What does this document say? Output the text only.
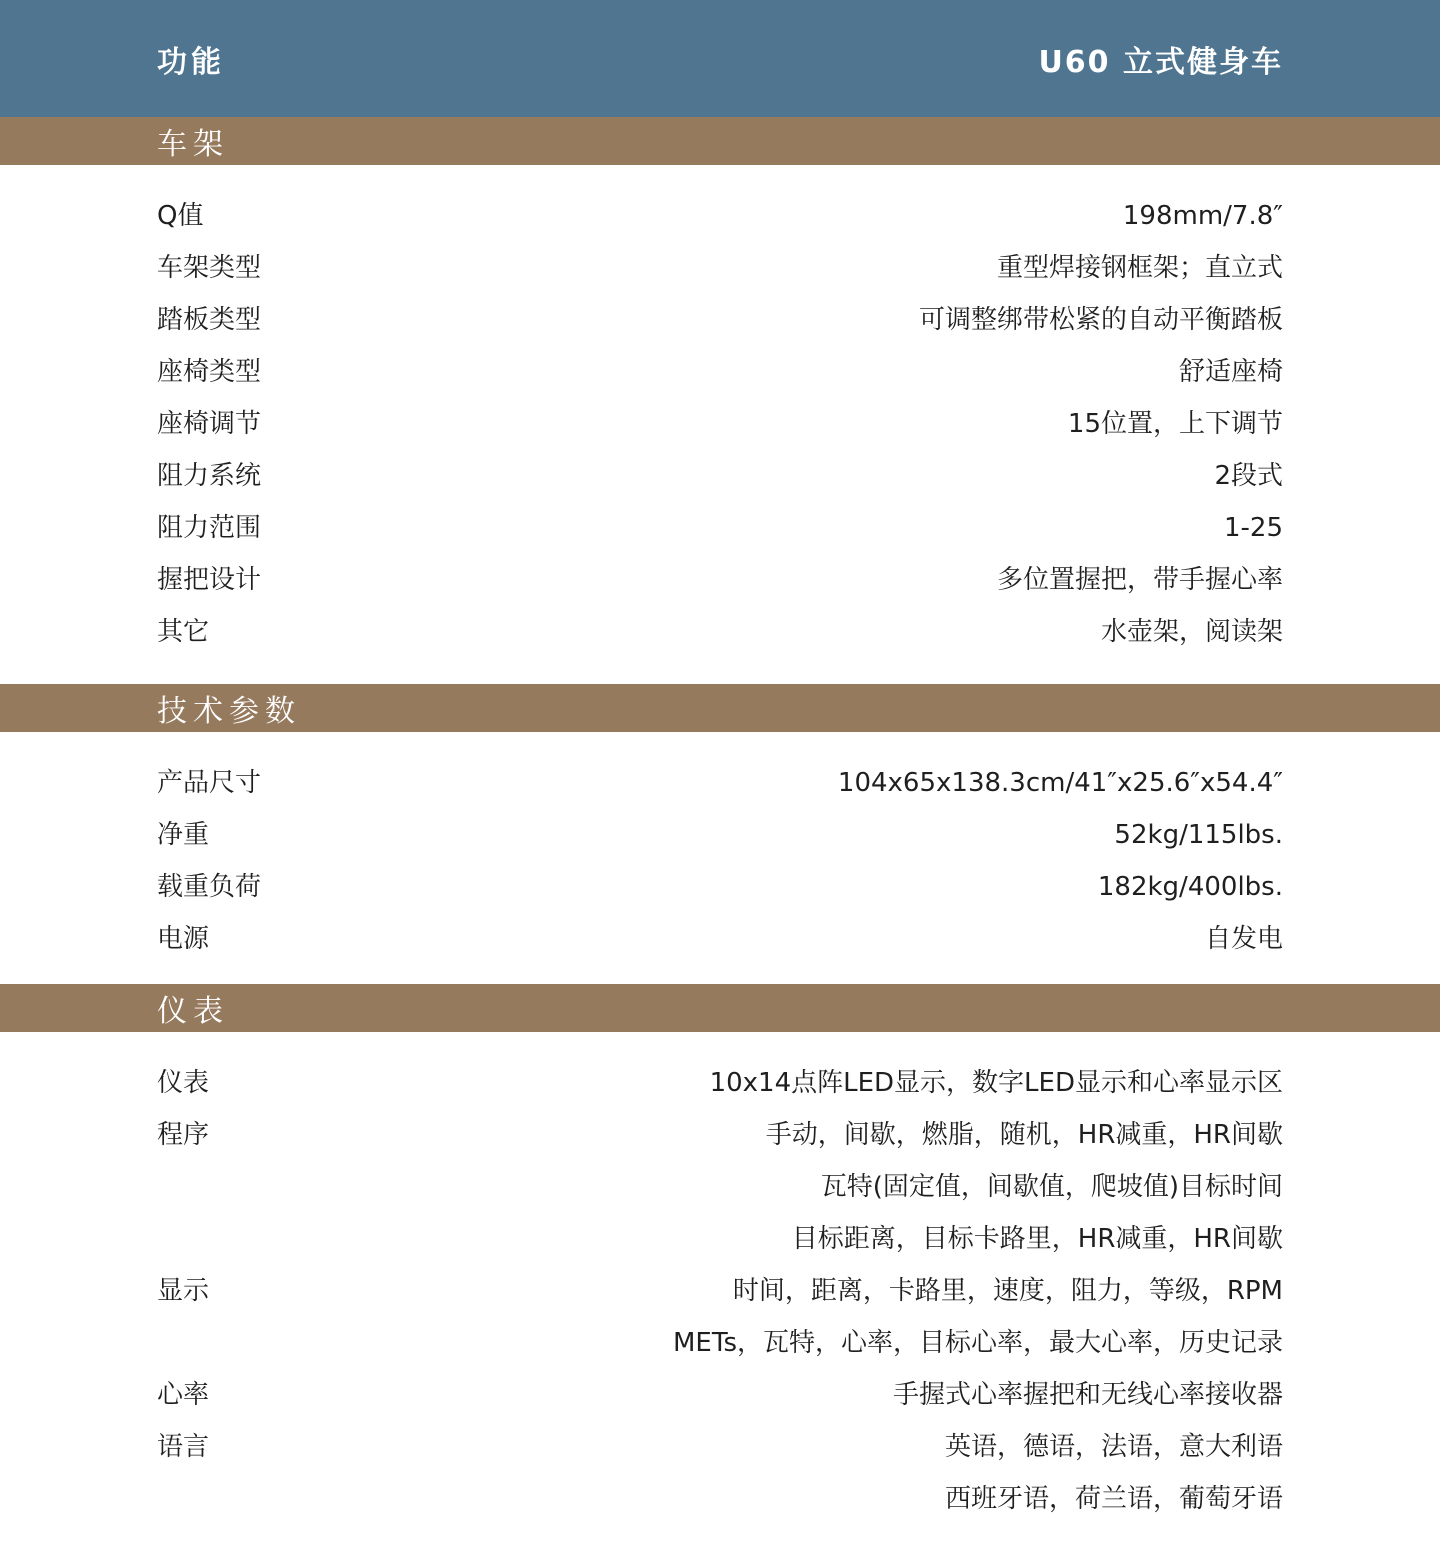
功能	U60 立式健身车
车架
Q值	198mm/7.8″
车架类型	重型焊接钢框架；直立式
踏板类型	可调整绑带松紧的自动平衡踏板
座椅类型	舒适座椅
座椅调节	15位置，上下调节
阻力系统	2段式
阻力范围	1-25
握把设计	多位置握把，带手握心率
其它	水壶架，阅读架
技术参数
产品尺寸	104x65x138.3cm/41″x25.6″x54.4″
净重	52kg/115lbs.
载重负荷	182kg/400lbs.
电源	自发电
仪表
仪表	10x14点阵LED显示，数字LED显示和心率显示区
程序	手动，间歇，燃脂，随机，HR减重，HR间歇
瓦特(固定值，间歇值，爬坡值)目标时间
目标距离，目标卡路里，HR减重，HR间歇
显示	时间，距离，卡路里，速度，阻力，等级，RPM
METs，瓦特，心率，目标心率，最大心率，历史记录
心率	手握式心率握把和无线心率接收器
语言	英语，德语，法语，意大利语
西班牙语，荷兰语，葡萄牙语
